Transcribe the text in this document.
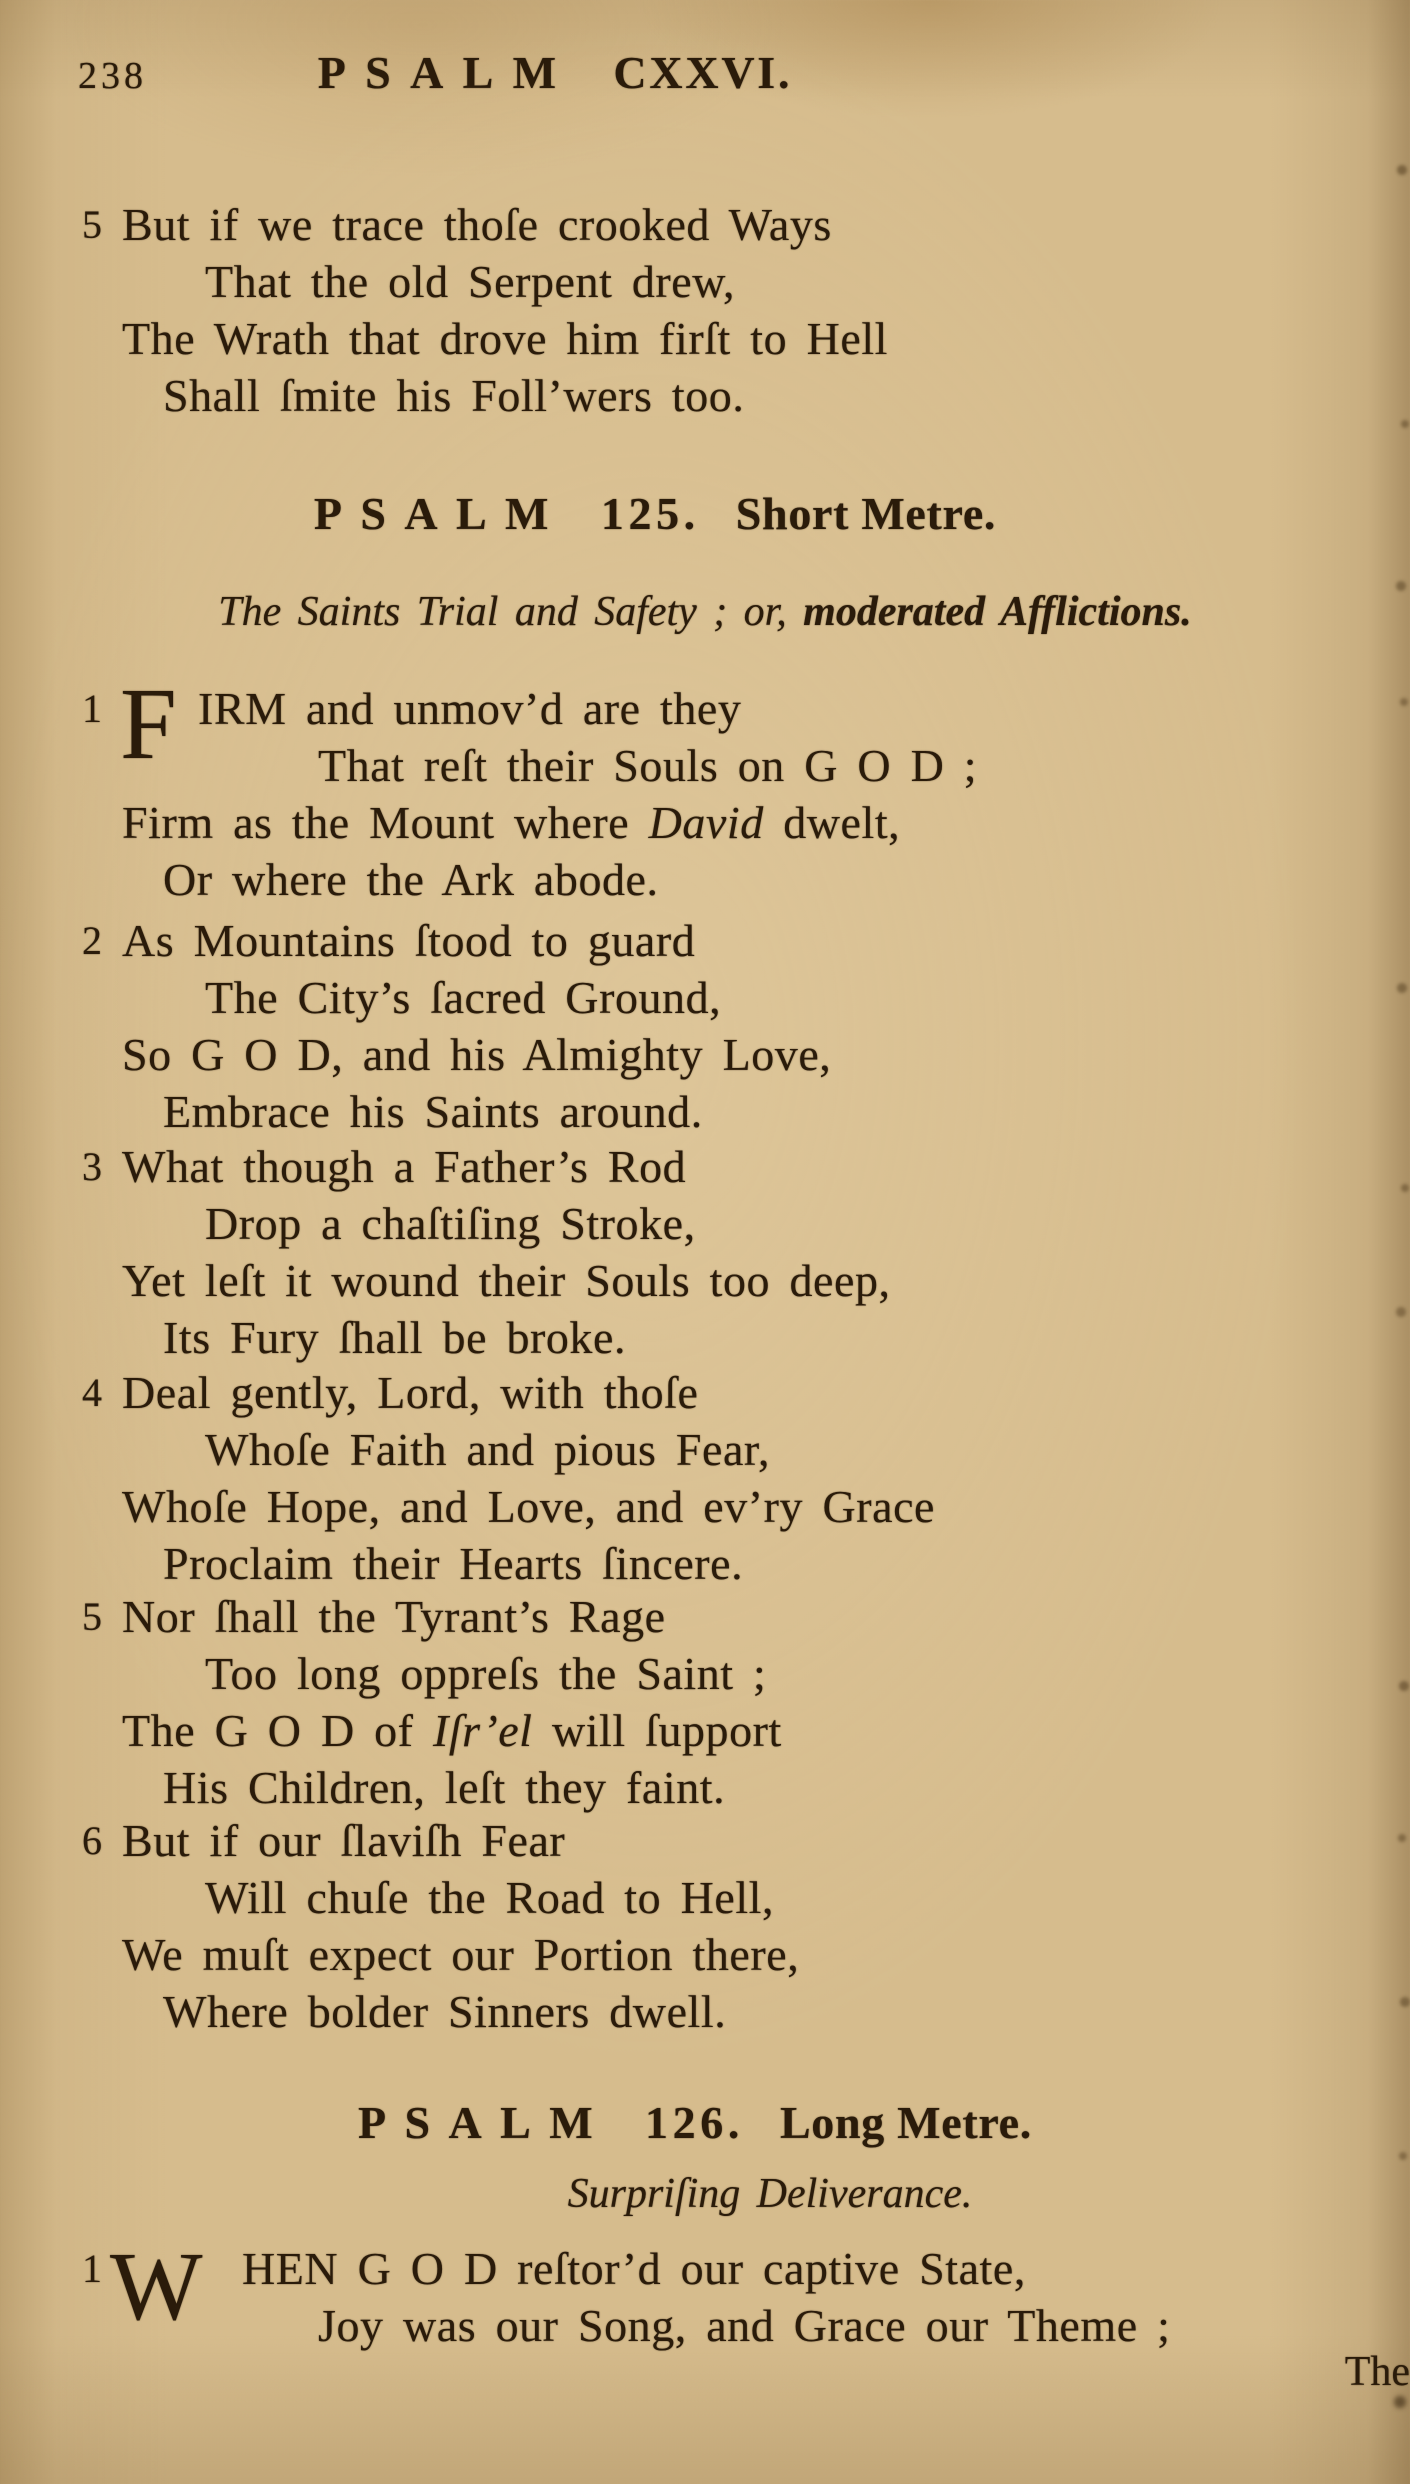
238	PSALM CXXVI.
5 But if we trace thoſe crooked Ways
That the old Serpent drew,
The Wrath that drove him firſt to Hell
Shall ſmite his Foll’wers too.
PSALM 125. Short Metre.
The Saints Trial and Safety ; or, moderated Afflictions.
1 F IRM and unmov’d are they
That reſt their Souls on G O D ;
Firm as the Mount where David dwelt,
Or where the Ark abode.
2 As Mountains ſtood to guard
The City’s ſacred Ground,
So G O D, and his Almighty Love,
Embrace his Saints around.
3 What though a Father’s Rod
Drop a chaſtiſing Stroke,
Yet leſt it wound their Souls too deep,
Its Fury ſhall be broke.
4 Deal gently, Lord, with thoſe
Whoſe Faith and pious Fear,
Whoſe Hope, and Love, and ev’ry Grace
Proclaim their Hearts ſincere.
5 Nor ſhall the Tyrant’s Rage
Too long oppreſs the Saint ;
The G O D of Iſr’el will ſupport
His Children, leſt they faint.
6 But if our ſlaviſh Fear
Will chuſe the Road to Hell,
We muſt expect our Portion there,
Where bolder Sinners dwell.
PSALM 126. Long Metre.
Surpriſing Deliverance.
1 W HEN G O D reſtor’d our captive State,
Joy was our Song, and Grace our Theme ;
The
